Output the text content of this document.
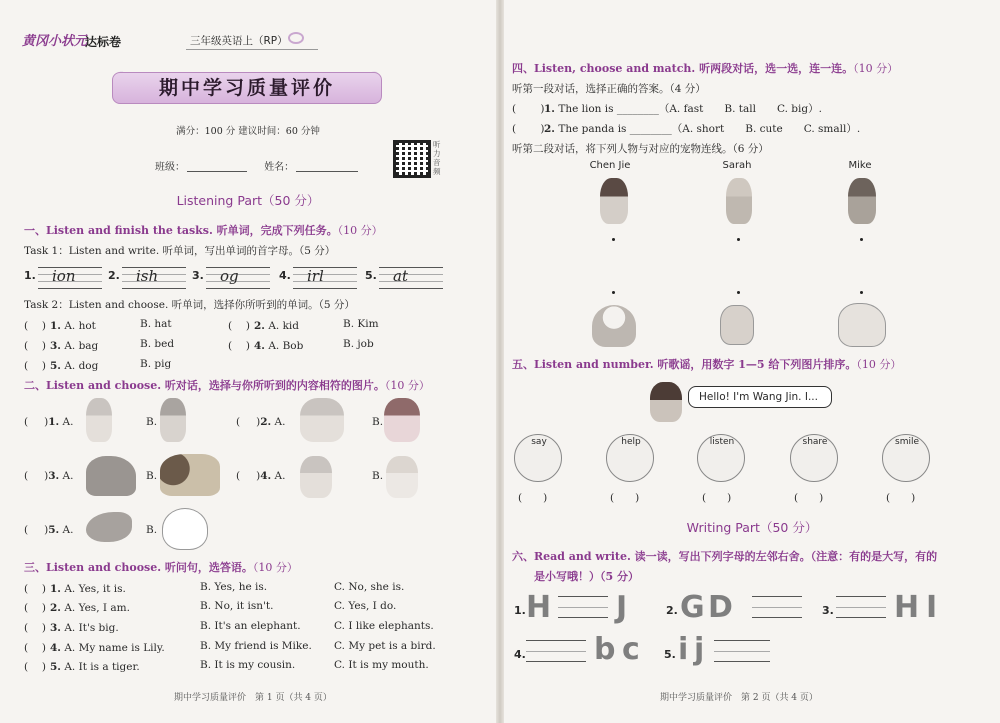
黄冈小状元
达标卷	三年级英语上（RP）
期中学习质量评价
满分：100 分 建议时间：60 分钟
班级：	姓名：
听力音频
Listening Part（50 分）
一、Listen and finish the tasks. 听单词，完成下列任务。（10 分）
Task 1：Listen and write. 听单词，写出单词的首字母。（5 分）
1. ion	2. ish	3. og	4. irl	5. at
Task 2：Listen and choose. 听单词，选择你所听到的单词。（5 分）
(　 ) 1. A. hot	B. hat	(　 ) 2. A. kid	B. Kim
(　 ) 3. A. bag	B. bed	(　 ) 4. A. Bob	B. job
(　 ) 5. A. dog	B. pig
二、Listen and choose. 听对话，选择与你所听到的内容相符的图片。（10 分）
( )1. A.	B.	( )2. A.	B.
( )3. A.	B.	( )4. A.	B.
( )5. A.	B.
三、Listen and choose. 听问句，选答语。（10 分）
(　 ) 1. A. Yes, it is.	B. Yes, he is.	C. No, she is.
(　 ) 2. A. Yes, I am.	B. No, it isn't.	C. Yes, I do.
(　 ) 3. A. It's big.	B. It's an elephant.	C. I like elephants.
(　 ) 4. A. My name is Lily.	B. My friend is Mike. C. My pet is a bird.
(　 ) 5. A. It is a tiger.	B. It is my cousin.	C. It is my mouth.
期中学习质量评价　第 1 页（共 4 页）
四、Listen, choose and match. 听两段对话，选一选，连一连。（10 分）
听第一段对话，选择正确的答案。（4 分）
(　 　)1. The lion is ________（A. fast　　B. tall　　C. big）.
(　 　)2. The panda is ________（A. short　　B. cute　　C. small）.
听第二段对话，将下列人物与对应的宠物连线。（6 分）
Chen Jie	Sarah	Mike
五、Listen and number. 听歌谣，用数字 1—5 给下列图片排序。（10 分）
Hello! I'm Wang Jin. I...
say	help	listen	share	smile
(　　)	(　　)	(　　)	(　　)	(　　)
Writing Part（50 分）
六、Read and write. 读一读，写出下列字母的左邻右舍。（注意：有的是大写，有的
是小写哦！）（5 分）
1. H J	2. G D	3. H I
4. b c 5. i j
期中学习质量评价　第 2 页（共 4 页）
